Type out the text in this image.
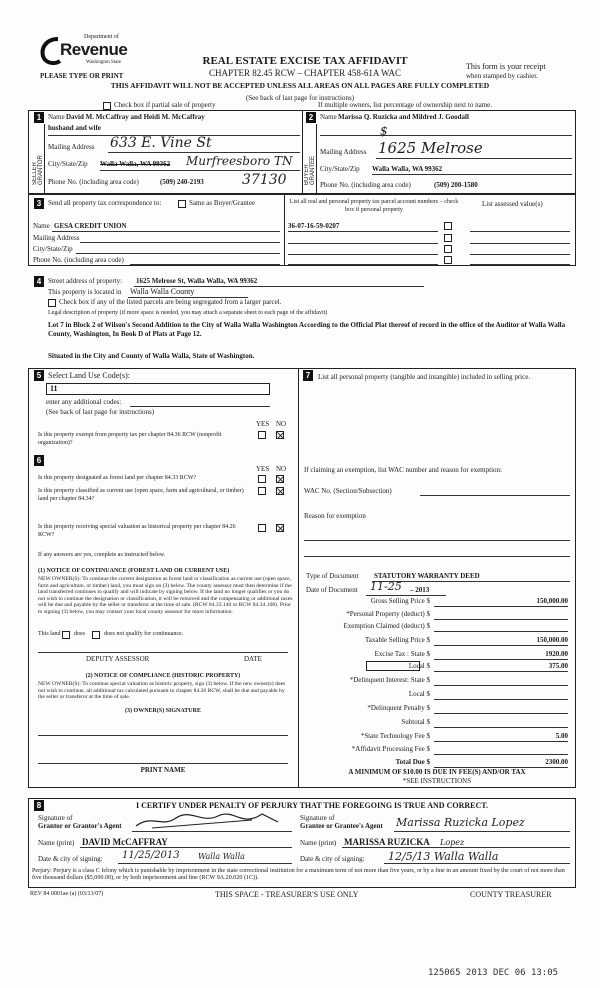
Department of
Revenue
Washington State	REAL ESTATE EXCISE TAX AFFIDAVIT
CHAPTER 82.45 RCW – CHAPTER 458-61A WAC
PLEASE TYPE OR PRINT
This form is your receipt
when stamped by cashier.
THIS AFFIDAVIT WILL NOT BE ACCEPTED UNLESS ALL AREAS ON ALL PAGES ARE FULLY COMPLETED
(See back of last page for instructions)
Check box if partial sale of property	If multiple owners, list percentage of ownership next to name.
1	2
SELLER GRANTOR
Name David M. McCaffray and Heidi M. McCaffray
husband and wife
Mailing Address 633 E. Vine St
City/State/Zip Walla Walla, WA 99362 Murfreesboro TN
Phone No. (including area code)	(509) 240-2193	37130	BUYER GRANTEE
Name Marissa Q. Ruzicka and Mildred J. Goodall
$
Mailing Address 1625 Melrose
City/State/Zip Walla Walla, WA 99362
Phone No. (including area code)	(509) 200-1580
3 Send all property tax correspondence to:	Same as Buyer/Grantee
Name GESA CREDIT UNION
Mailing Address
City/State/Zip
Phone No. (including area code)
List all real and personal property tax parcel account numbers – check box if personal property
List assessed value(s)
36-07-16-59-0207
4 Street address of property: 1625 Melrose St, Walla Walla, WA 99362
This property is located in Walla Walla County
Check box if any of the listed parcels are being segregated from a larger parcel.
Legal description of property (if more space is needed, you may attach a separate sheet to each page of the affidavit)
Lot 7 in Block 2 of Wilson's Second Addition to the City of Walla Walla Washington According to the Official Plat thereof of record in the office of the Auditor of Walla Walla County, Washington, In Book D of Plats at Page 12.
Situated in the City and County of Walla Walla, State of Washington.
5 Select Land Use Code(s):
11
enter any additional codes:
(See back of last page for instructions)
YES NO
Is this property exempt from property tax per chapter 84.36 RCW (nonprofit organization)?
6
YES NO
Is this property designated as forest land per chapter 84.33 RCW?
Is this property classified as current use (open space, farm and agricultural, or timber) land per chapter 84.34?
Is this property receiving special valuation as historical property per chapter 84.26 RCW?
If any answers are yes, complete as instructed below.
(1) NOTICE OF CONTINUANCE (FOREST LAND OR CURRENT USE)
NEW OWNER(S): To continue the current designation as forest land or classification as current use (open space, farm and agriculture, or timber) land, you must sign on (3) below. The county assessor must then determine if the land transferred continues to qualify and will indicate by signing below. If the land no longer qualifies or you do not wish to continue the designation or classification, it will be removed and the compensating or additional taxes will be due and payable by the seller or transferor at the time of sale. (RCW 84.33.140 or RCW 84.34.108). Prior to signing (3) below, you may contact your local county assessor for more information.
This land does	does not qualify for continuance.
DEPUTY ASSESSOR	DATE
(2) NOTICE OF COMPLIANCE (HISTORIC PROPERTY)
NEW OWNER(S): To continue special valuation as historic property, sign (3) below. If the new owner(s) does not wish to continue, all additional tax calculated pursuant to chapter 84.26 RCW, shall be due and payable by the seller or transferor at the time of sale.
(3) OWNER(S) SIGNATURE
PRINT NAME
7	List all personal property (tangible and intangible) included in selling price.
If claiming an exemption, list WAC number and reason for exemption:
WAC No. (Section/Subsection)
Reason for exemption
Type of Document STATUTORY WARRANTY DEED
Date of Document 11-25 – 2013
Gross Selling Price $	150,000.00
*Personal Property (deduct) $
Exemption Claimed (deduct) $
Taxable Selling Price $	150,000.00
Excise Tax : State $	1920.00
Local $	375.00
*Delinquent Interest: State $
Local $
*Delinquent Penalty $
Subtotal $
*State Technology Fee $	5.00
*Affidavit Processing Fee $
Total Due $	2300.00
A MINIMUM OF $10.00 IS DUE IN FEE(S) AND/OR TAX
*SEE INSTRUCTIONS
8	I CERTIFY UNDER PENALTY OF PERJURY THAT THE FOREGOING IS TRUE AND CORRECT.
Signature of
Grantor or Grantor's Agent
Name (print) DAVID McCAFFRAY
Date & city of signing: 11/25/2013 Walla Walla
Signature of
Grantee or Grantee's Agent Marissa Ruzicka Lopez
Name (print) MARISSA RUZICKA Lopez
Date & city of signing: 12/5/13 Walla Walla
Perjury: Perjury is a class C felony which is punishable by imprisonment in the state correctional institution for a maximum term of not more than five years, or by a fine in an amount fixed by the court of not more than five thousand dollars ($5,000.00), or by both imprisonment and fine (RCW 9A.20.020 (1C)).
REV 84 0001ae (a) (03/13/07)	THIS SPACE - TREASURER'S USE ONLY	COUNTY TREASURER
125065 2013 DEC 06 13:05
